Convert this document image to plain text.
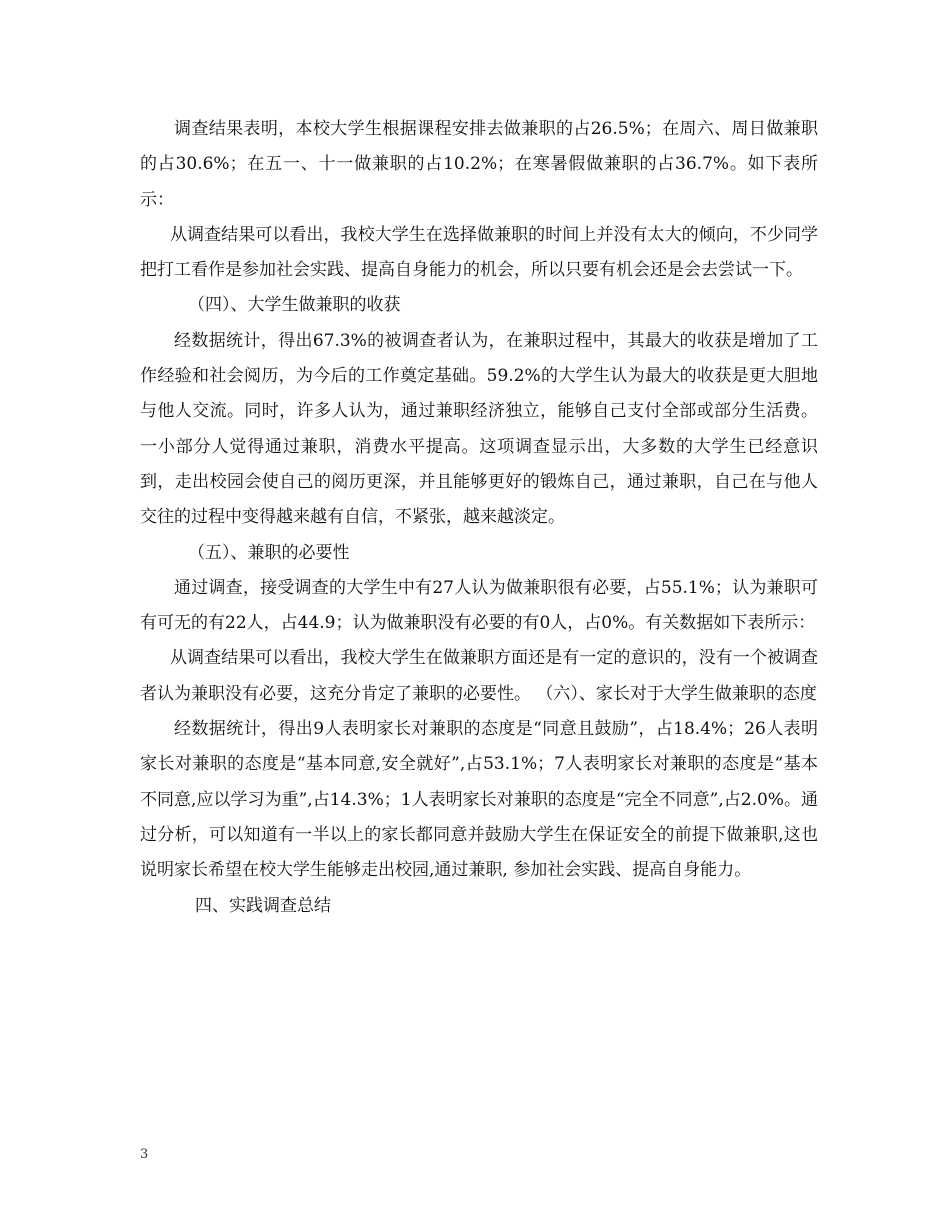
调查结果表明，本校大学生根据课程安排去做兼职的占26.5%；在周六、周日做兼职的占30.6%；在五一、十一做兼职的占10.2%；在寒暑假做兼职的占36.7%。如下表所示：

从调查结果可以看出，我校大学生在选择做兼职的时间上并没有太大的倾向，不少同学把打工看作是参加社会实践、提高自身能力的机会，所以只要有机会还是会去尝试一下。

（四）、大学生做兼职的收获

经数据统计，得出67.3%的被调查者认为，在兼职过程中，其最大的收获是增加了工作经验和社会阅历，为今后的工作奠定基础。59.2%的大学生认为最大的收获是更大胆地与他人交流。同时，许多人认为，通过兼职经济独立，能够自己支付全部或部分生活费。一小部分人觉得通过兼职，消费水平提高。这项调查显示出，大多数的大学生已经意识到，走出校园会使自己的阅历更深，并且能够更好的锻炼自己，通过兼职，自己在与他人交往的过程中变得越来越有自信，不紧张，越来越淡定。

（五）、兼职的必要性

通过调查，接受调查的大学生中有27人认为做兼职很有必要，占55.1%；认为兼职可有可无的有22人，占44.9；认为做兼职没有必要的有0人，占0%。有关数据如下表所示：

从调查结果可以看出，我校大学生在做兼职方面还是有一定的意识的，没有一个被调查者认为兼职没有必要，这充分肯定了兼职的必要性。 （六）、家长对于大学生做兼职的态度

经数据统计，得出9人表明家长对兼职的态度是“同意且鼓励”，占18.4%；26人表明家长对兼职的态度是“基本同意,安全就好”,占53.1%；7人表明家长对兼职的态度是“基本不同意,应以学习为重”,占14.3%；1人表明家长对兼职的态度是“完全不同意”,占2.0%。通过分析，可以知道有一半以上的家长都同意并鼓励大学生在保证安全的前提下做兼职,这也说明家长希望在校大学生能够走出校园,通过兼职, 参加社会实践、提高自身能力。

四、实践调查总结

3
